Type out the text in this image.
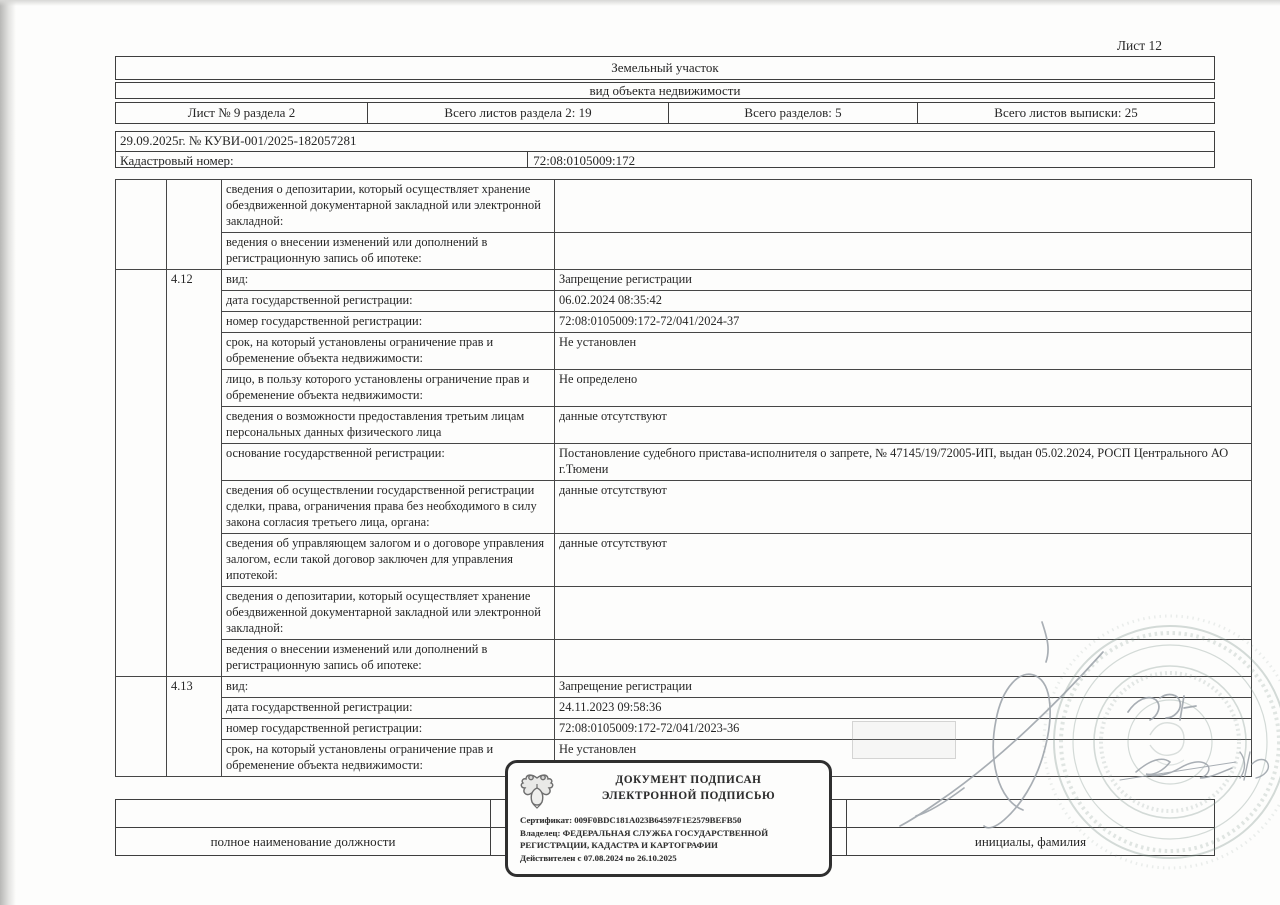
Лист 12
Земельный участок
вид объекта недвижимости
Лист № 9 раздела 2	Всего листов раздела 2: 19	Всего разделов: 5	Всего листов выписки: 25
29.09.2025г. № КУВИ-001/2025-182057281
Кадастровый номер:	72:08:0105009:172
		сведения о депозитарии, который осуществляет хранение обездвиженной документарной закладной или электронной закладной:	
		ведения о внесении изменений или дополнений в регистрационную запись об ипотеке:	
	4.12	вид:	Запрещение регистрации
		дата государственной регистрации:	06.02.2024 08:35:42
		номер государственной регистрации:	72:08:0105009:172-72/041/2024-37
		срок, на который установлены ограничение прав и обременение объекта недвижимости:	Не установлен
		лицо, в пользу которого установлены ограничение прав и обременение объекта недвижимости:	Не определено
		сведения о возможности предоставления третьим лицам персональных данных физического лица	данные отсутствуют
		основание государственной регистрации:	Постановление судебного пристава-исполнителя о запрете, № 47145/19/72005-ИП, выдан 05.02.2024, РОСП Центрального АО г.Тюмени
		сведения об осуществлении государственной регистрации сделки, права, ограничения права без необходимого в силу закона согласия третьего лица, органа:	данные отсутствуют
		сведения об управляющем залогом и о договоре управления залогом, если такой договор заключен для управления ипотекой:	данные отсутствуют
		сведения о депозитарии, который осуществляет хранение обездвиженной документарной закладной или электронной закладной:	
		ведения о внесении изменений или дополнений в регистрационную запись об ипотеке:	
	4.13	вид:	Запрещение регистрации
		дата государственной регистрации:	24.11.2023 09:58:36
		номер государственной регистрации:	72:08:0105009:172-72/041/2023-36
		срок, на который установлены ограничение прав и обременение объекта недвижимости:	Не установлен
полное наименование должности	инициалы, фамилия
ДОКУМЕНТ ПОДПИСАН
ЭЛЕКТРОННОЙ ПОДПИСЬЮ
Сертификат: 009F0BDC181A023B64597F1E2579BEFB50
Владелец: ФЕДЕРАЛЬНАЯ СЛУЖБА ГОСУДАРСТВЕННОЙ
РЕГИСТРАЦИИ, КАДАСТРА И КАРТОГРАФИИ
Действителен с 07.08.2024 по 26.10.2025
